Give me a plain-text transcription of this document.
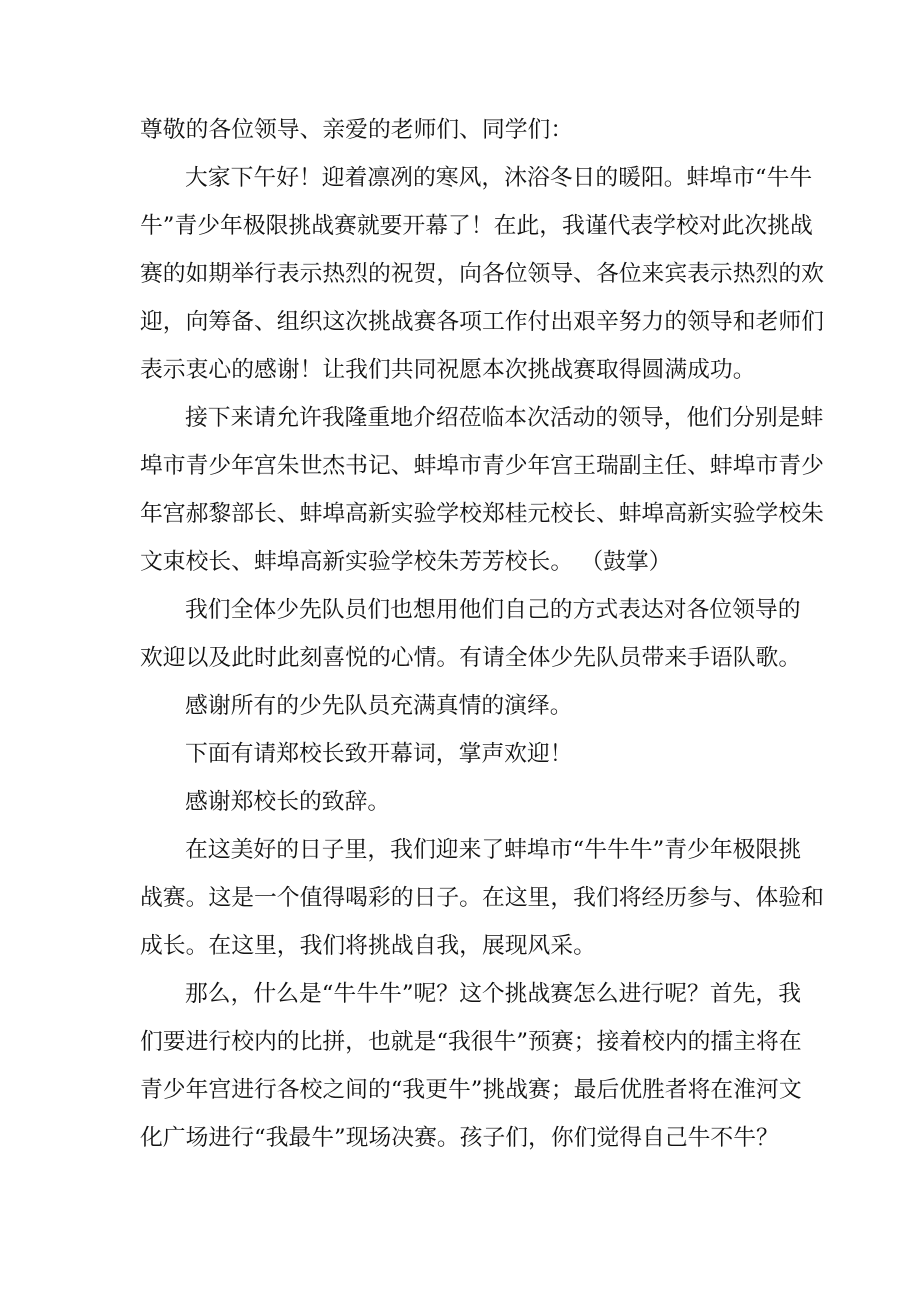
尊敬的各位领导、亲爱的老师们、同学们：
大家下午好！迎着凛冽的寒风，沐浴冬日的暖阳。蚌埠市“牛牛
牛”青少年极限挑战赛就要开幕了！在此，我谨代表学校对此次挑战
赛的如期举行表示热烈的祝贺，向各位领导、各位来宾表示热烈的欢
迎，向筹备、组织这次挑战赛各项工作付出艰辛努力的领导和老师们
表示衷心的感谢！让我们共同祝愿本次挑战赛取得圆满成功。
接下来请允许我隆重地介绍莅临本次活动的领导，他们分别是蚌
埠市青少年宫朱世杰书记、蚌埠市青少年宫王瑞副主任、蚌埠市青少
年宫郝黎部长、蚌埠高新实验学校郑桂元校长、蚌埠高新实验学校朱
文束校长、蚌埠高新实验学校朱芳芳校长。 （鼓掌）
我们全体少先队员们也想用他们自己的方式表达对各位领导的
欢迎以及此时此刻喜悦的心情。有请全体少先队员带来手语队歌。
感谢所有的少先队员充满真情的演绎。
下面有请郑校长致开幕词，掌声欢迎！
感谢郑校长的致辞。
在这美好的日子里，我们迎来了蚌埠市“牛牛牛”青少年极限挑
战赛。这是一个值得喝彩的日子。在这里，我们将经历参与、体验和
成长。在这里，我们将挑战自我，展现风采。
那么，什么是“牛牛牛”呢？这个挑战赛怎么进行呢？首先，我
们要进行校内的比拼，也就是“我很牛”预赛；接着校内的擂主将在
青少年宫进行各校之间的“我更牛”挑战赛；最后优胜者将在淮河文
化广场进行“我最牛”现场决赛。孩子们，你们觉得自己牛不牛？
